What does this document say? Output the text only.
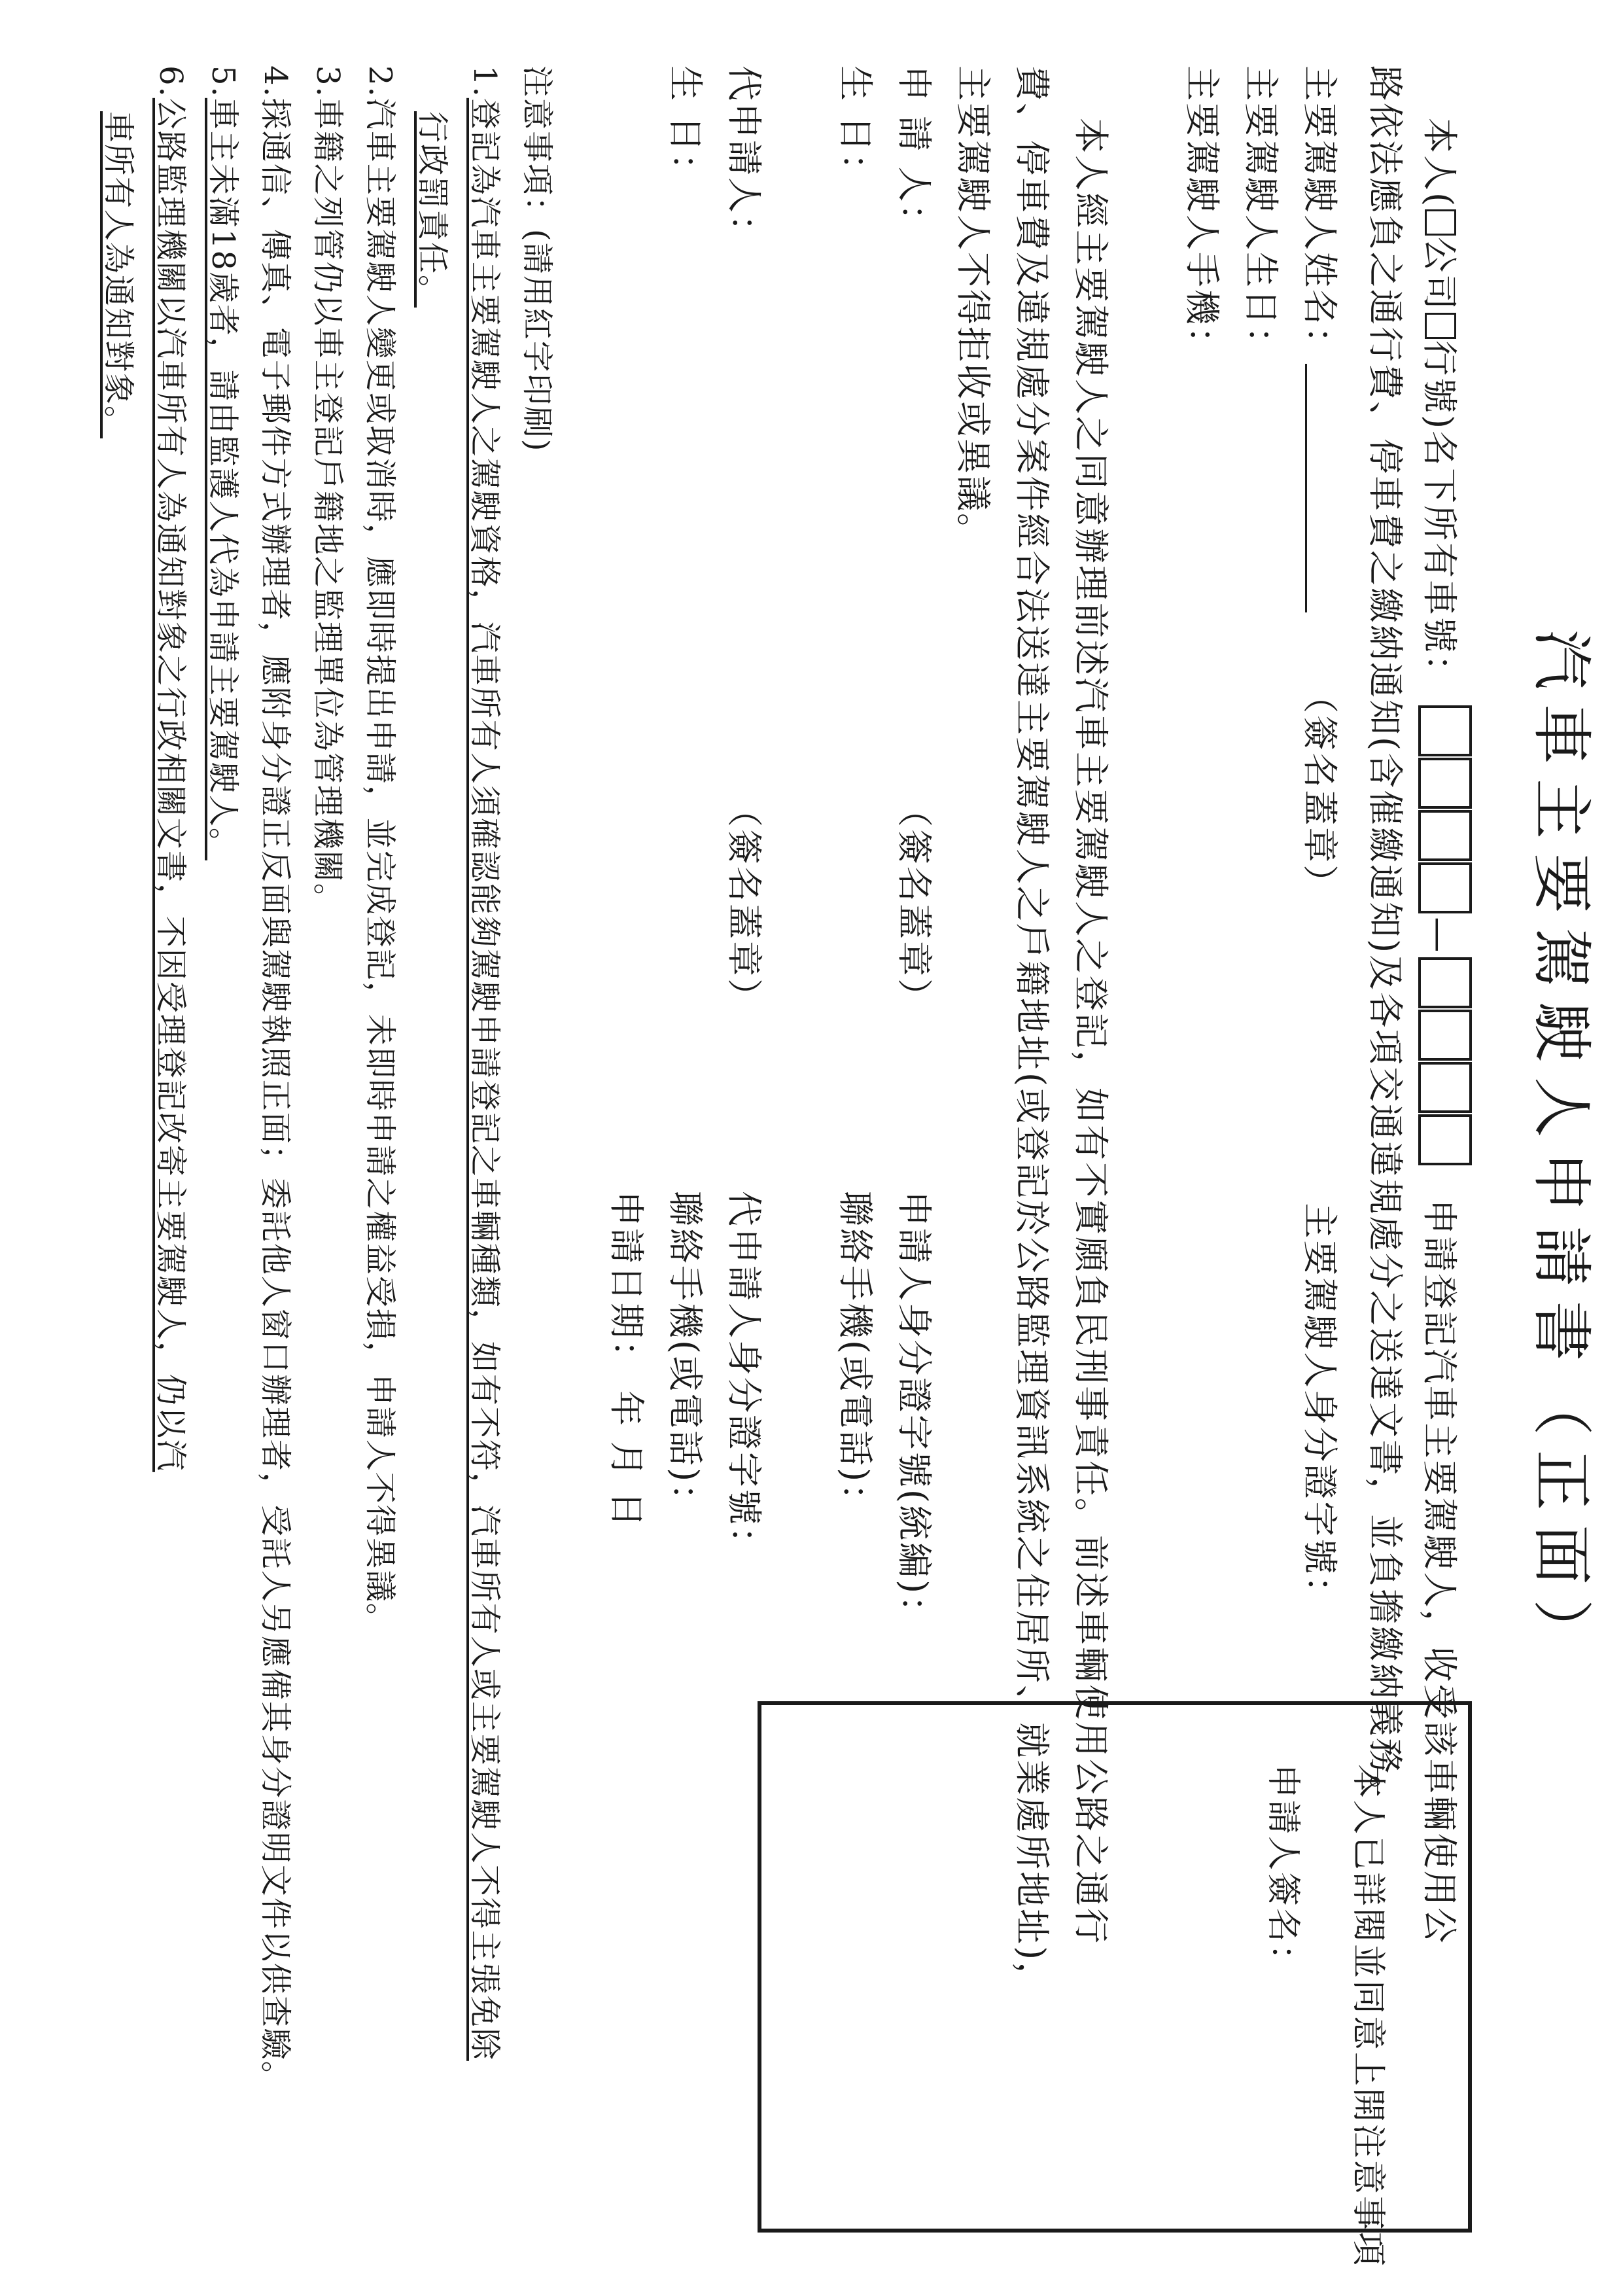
汽車主要駕駛人申請書（正面）
本人(公司行號)名下所有車號： — 申請登記汽車主要駕駛人，收受該車輛使用公
路依法應負之通行費、停車費之繳納通知(含催繳通知)及各項交通違規處分之送達文書，並負擔繳納義務。
主要駕駛人姓名： （簽名蓋章） 主要駕駛人身分證字號：
主要駕駛人生日：
主要駕駛人手機：
本人經主要駕駛人之同意辦理前述汽車主要駕駛人之登記，如有不實願負民刑事責任。前述車輛使用公路之通行
費、停車費及違規處分案件經合法送達主要駕駛人之戶籍地址(或登記於公路監理資訊系統之住居所、就業處所地址)，
主要駕駛人不得拒收或異議。
申 請 人：
（簽名蓋章）
申請人身分證字號(統編)：
生 日：
聯絡手機(或電話)：
代申請人：
（簽名蓋章）
代申請人身分證字號：
生 日：
聯絡手機(或電話)：
申請日期： 年 月 日
本人已詳閱並同意上開注意事項
申請人簽名：
注意事項：(請用紅字印刷)
1.登記為汽車主要駕駛人之駕駛資格，汽車所有人須確認能夠駕駛申請登記之車輛種類，如有不符，汽車所有人或主要駕駛人不得主張免除
行政罰責任。
2.汽車主要駕駛人變更或取消時，應即時提出申請，並完成登記，未即時申請之權益受損，申請人不得異議。
3.車籍之列管仍以車主登記戶籍地之監理單位為管理機關。
4.採通信、傳真、電子郵件方式辦理者，應附身分證正反面與駕駛執照正面；委託他人窗口辦理者，受託人另應備其身分證明文件以供查驗。
5.車主未滿18歲者，請由監護人代為申請主要駕駛人。
6.公路監理機關以汽車所有人為通知對象之行政相關文書，不因受理登記改寄主要駕駛人，仍以汽
車所有人為通知對象。
